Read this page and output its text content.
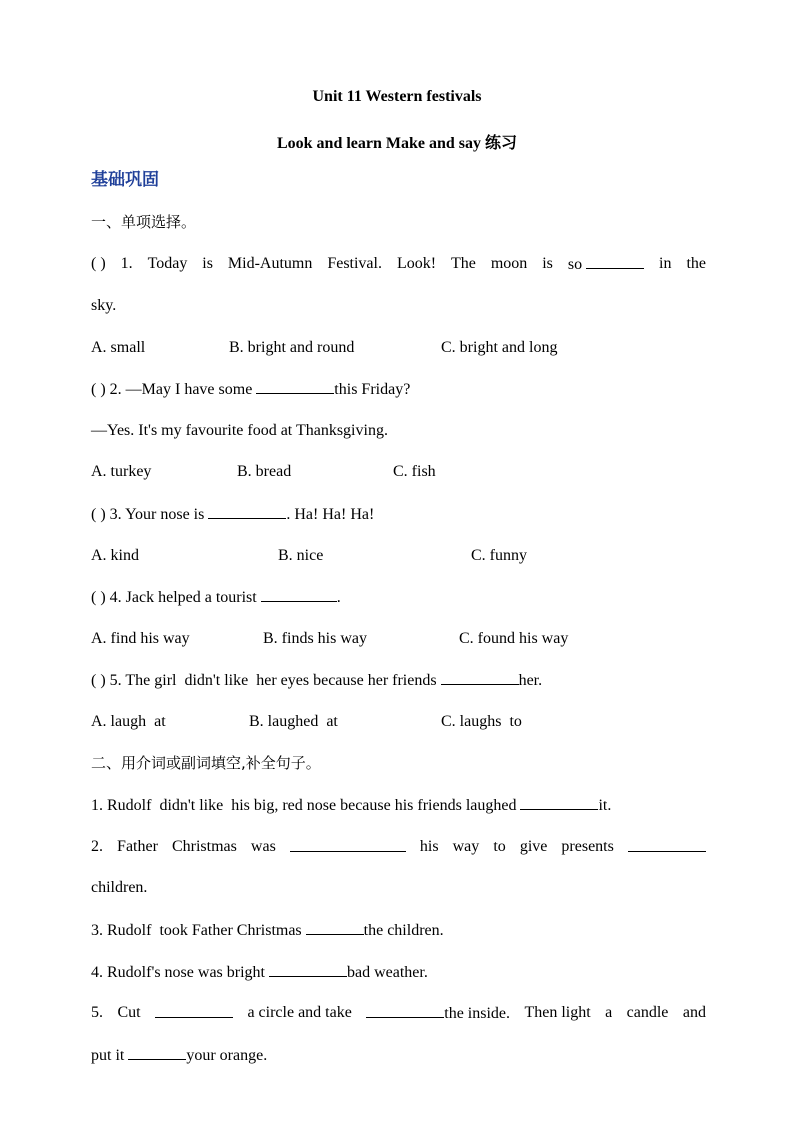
Unit 11 Western festivals
Look and learn Make and say 练习
基础巩固
一、单项选择。
( ) 1. Today is Mid-Autumn Festival. Look! The moon is so	in the
sky.
A. small	B. bright and round	C. bright and long
( ) 2. —May I have some	this Friday?
—Yes. It's my favourite food at Thanksgiving.
A. turkey	B. bread	C. fish
( ) 3. Your nose is	. Ha! Ha! Ha!
A. kind	B. nice	C. funny
( ) 4. Jack helped a tourist	.
A. find his way	B. finds his way	C. found his way
( ) 5. The girl  didn't like  her eyes because her friends	her.
A. laugh  at	B. laughed  at	C. laughs  to
二、用介词或副词填空,补全句子。
1. Rudolf  didn't like  his big, red nose because his friends laughed	it.
2. Father Christmas was	his way to give presents
children.
3. Rudolf  took Father Christmas	the children.
4. Rudolf's nose was bright	bad weather.
5. Cut	a circle and take	the inside. Then light a candle and
put it	your orange.
